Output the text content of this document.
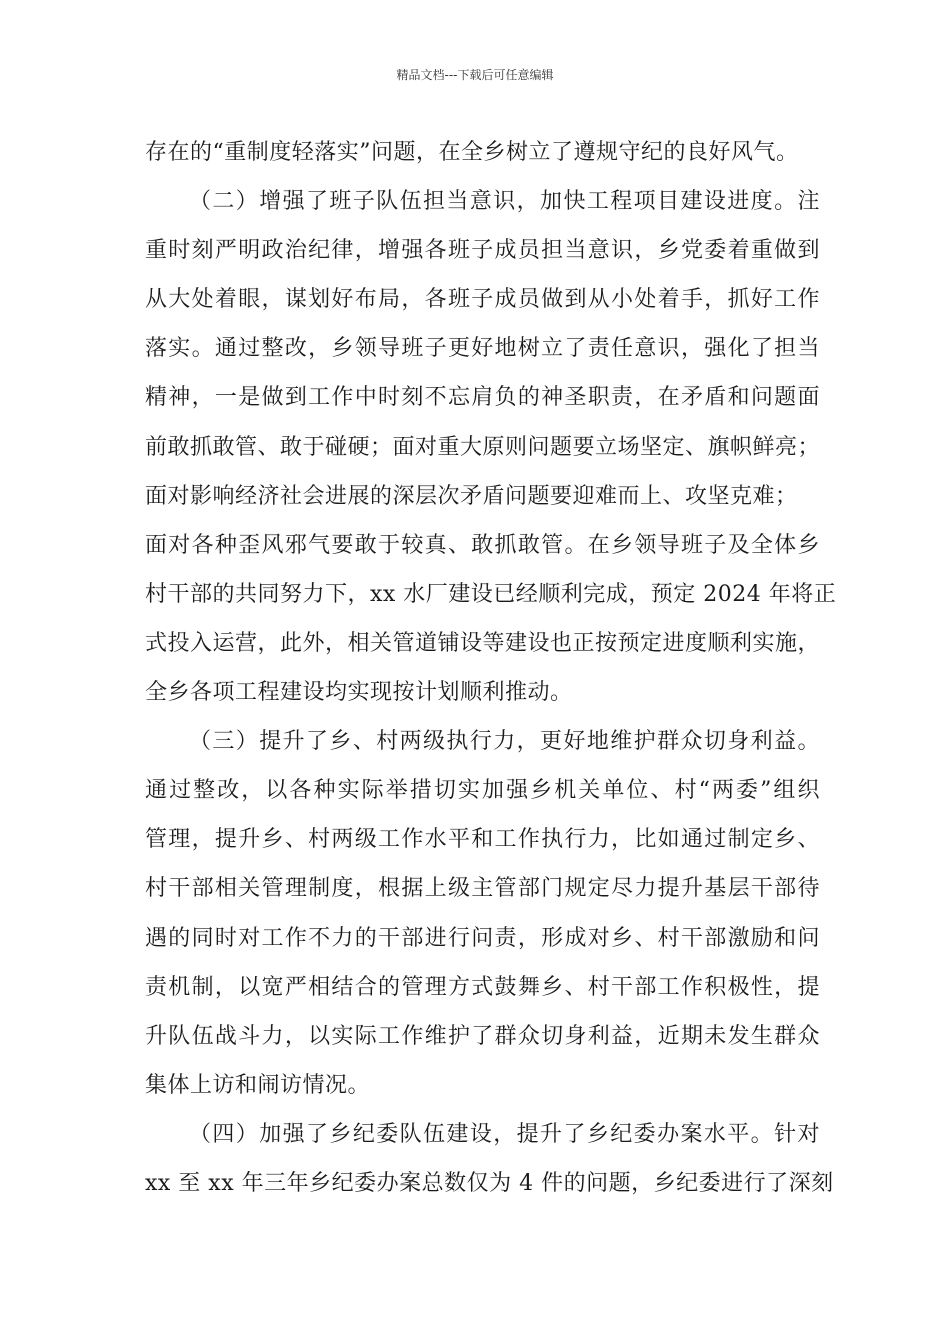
精品文档---下载后可任意编辑
存在的“重制度轻落实”问题，在全乡树立了遵规守纪的良好风气。
（二）增强了班子队伍担当意识，加快工程项目建设进度。注
重时刻严明政治纪律，增强各班子成员担当意识，乡党委着重做到
从大处着眼，谋划好布局，各班子成员做到从小处着手，抓好工作
落实。通过整改，乡领导班子更好地树立了责任意识，强化了担当
精神，一是做到工作中时刻不忘肩负的神圣职责，在矛盾和问题面
前敢抓敢管、敢于碰硬；面对重大原则问题要立场坚定、旗帜鲜亮；
面对影响经济社会进展的深层次矛盾问题要迎难而上、攻坚克难；
面对各种歪风邪气要敢于较真、敢抓敢管。在乡领导班子及全体乡
村干部的共同努力下，xx 水厂建设已经顺利完成，预定 2024 年将正
式投入运营，此外，相关管道铺设等建设也正按预定进度顺利实施，
全乡各项工程建设均实现按计划顺利推动。
（三）提升了乡、村两级执行力，更好地维护群众切身利益。
通过整改，以各种实际举措切实加强乡机关单位、村“两委”组织
管理，提升乡、村两级工作水平和工作执行力，比如通过制定乡、
村干部相关管理制度，根据上级主管部门规定尽力提升基层干部待
遇的同时对工作不力的干部进行问责，形成对乡、村干部激励和问
责机制，以宽严相结合的管理方式鼓舞乡、村干部工作积极性，提
升队伍战斗力，以实际工作维护了群众切身利益，近期未发生群众
集体上访和闹访情况。
（四）加强了乡纪委队伍建设，提升了乡纪委办案水平。针对
xx 至 xx 年三年乡纪委办案总数仅为 4 件的问题，乡纪委进行了深刻
